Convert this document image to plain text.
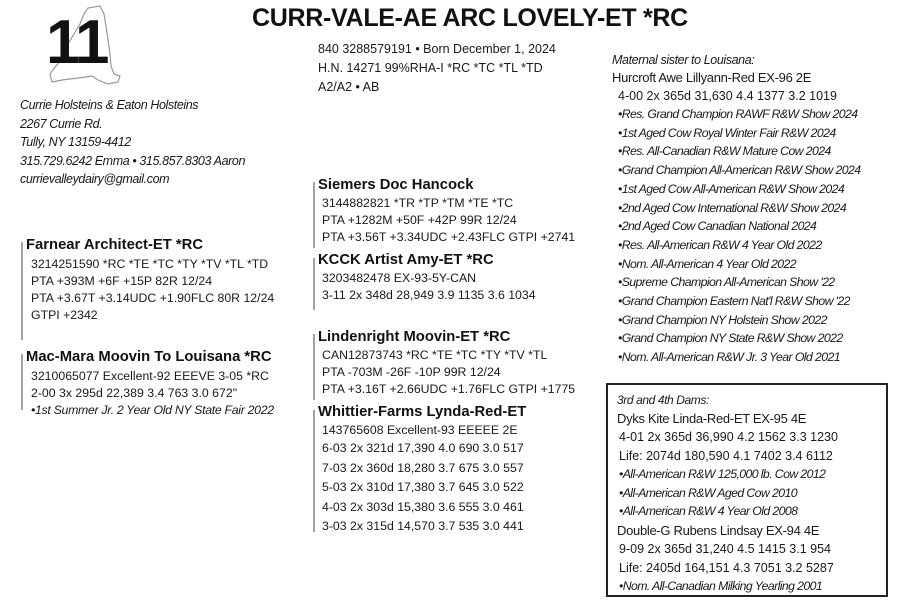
11	CURR-VALE-AE ARC LOVELY-ET *RC
840 3288579191 • Born December 1, 2024
H.N. 14271 99%RHA-I *RC *TC *TL *TD
A2/A2 • AB
Currie Holsteins & Eaton Holsteins
2267 Currie Rd.
Tully, NY 13159-4412
315.729.6242 Emma • 315.857.8303 Aaron
currievalleydairy@gmail.com
Farnear Architect-ET *RC
3214251590 *RC *TE *TC *TY *TV *TL *TD
PTA +393M +6F +15P 82R 12/24
PTA +3.67T +3.14UDC +1.90FLC 80R 12/24
GTPI +2342
Mac-Mara Moovin To Louisana *RC
3210065077 Excellent-92 EEEVE 3-05 *RC
2-00 3x 295d 22,389 3.4 763 3.0 672"
•1st Summer Jr. 2 Year Old NY State Fair 2022
Siemers Doc Hancock
3144882821 *TR *TP *TM *TE *TC
PTA +1282M +50F +42P 99R 12/24
PTA +3.56T +3.34UDC +2.43FLC GTPI +2741
KCCK Artist Amy-ET *RC
3203482478 EX-93-5Y-CAN
3-11 2x 348d 28,949 3.9 1135 3.6 1034
Lindenright Moovin-ET *RC
CAN12873743 *RC *TE *TC *TY *TV *TL
PTA -703M -26F -10P 99R 12/24
PTA +3.16T +2.66UDC +1.76FLC GTPI +1775
Whittier-Farms Lynda-Red-ET
143765608 Excellent-93 EEEEE 2E
6-03 2x 321d 17,390 4.0 690 3.0 517
7-03 2x 360d 18,280 3.7 675 3.0 557
5-03 2x 310d 17,380 3.7 645 3.0 522
4-03 2x 303d 15,380 3.6 555 3.0 461
3-03 2x 315d 14,570 3.7 535 3.0 441
Maternal sister to Louisana:
Hurcroft Awe Lillyann-Red EX-96 2E
4-00 2x 365d 31,630 4.4 1377 3.2 1019
•Res. Grand Champion RAWF R&W Show 2024
•1st Aged Cow Royal Winter Fair R&W 2024
•Res. All-Canadian R&W Mature Cow 2024
•Grand Champion All-American R&W Show 2024
•1st Aged Cow All-American R&W Show 2024
•2nd Aged Cow International R&W Show 2024
•2nd Aged Cow Canadian National 2024
•Res. All-American R&W 4 Year Old 2022
•Nom. All-American 4 Year Old 2022
•Supreme Champion All-American Show '22
•Grand Champion Eastern Nat'l R&W Show '22
•Grand Champion NY Holstein Show 2022
•Grand Champion NY State R&W Show 2022
•Nom. All-American R&W Jr. 3 Year Old 2021
3rd and 4th Dams:
Dyks Kite Linda-Red-ET EX-95 4E
4-01 2x 365d 36,990 4.2 1562 3.3 1230
Life: 2074d 180,590 4.1 7402 3.4 6112
•All-American R&W 125,000 lb. Cow 2012
•All-American R&W Aged Cow 2010
•All-American R&W 4 Year Old 2008
Double-G Rubens Lindsay EX-94 4E
9-09 2x 365d 31,240 4.5 1415 3.1 954
Life: 2405d 164,151 4.3 7051 3.2 5287
•Nom. All-Canadian Milking Yearling 2001
